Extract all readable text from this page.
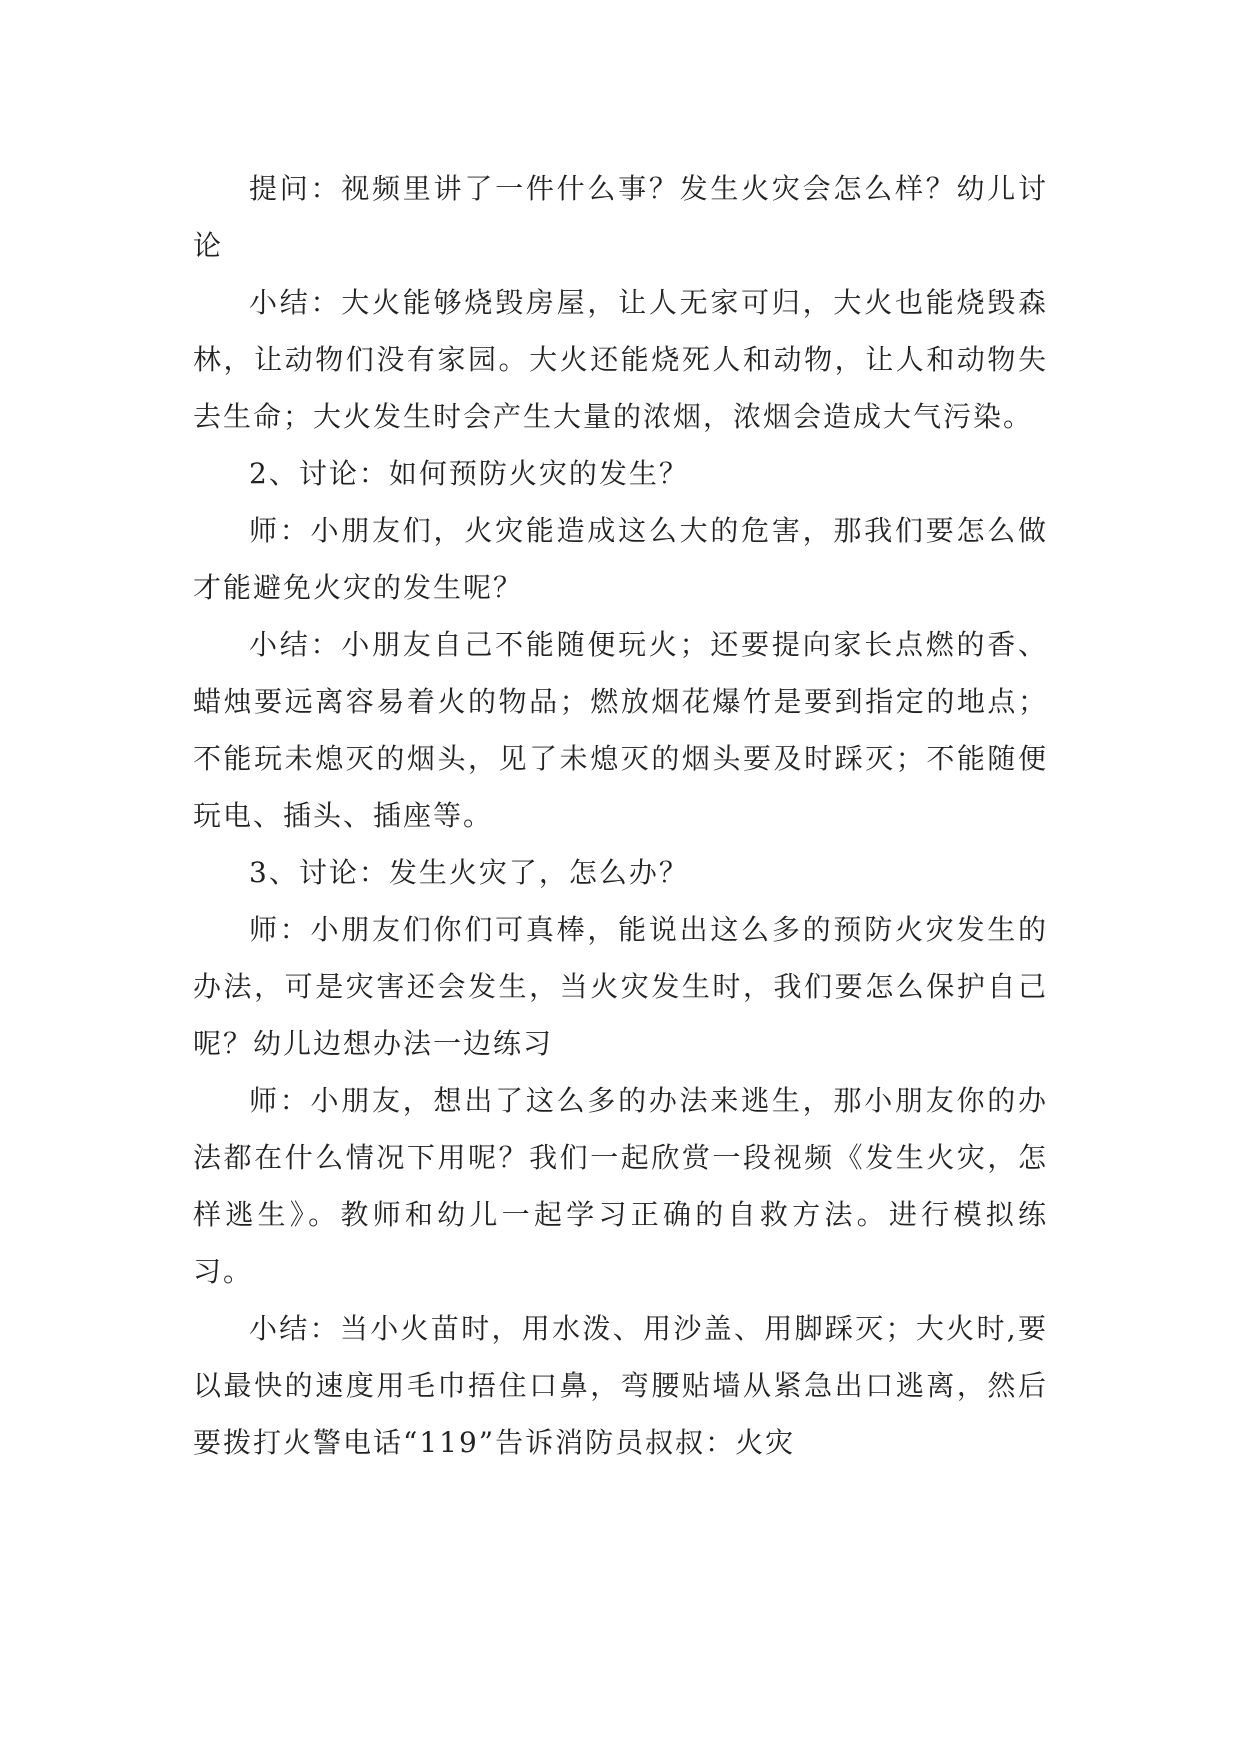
提问：视频里讲了一件什么事？发生火灾会怎么样？幼儿讨论

小结：大火能够烧毁房屋，让人无家可归，大火也能烧毁森林，让动物们没有家园。大火还能烧死人和动物，让人和动物失去生命；大火发生时会产生大量的浓烟，浓烟会造成大气污染。

2、讨论：如何预防火灾的发生？

师：小朋友们，火灾能造成这么大的危害，那我们要怎么做才能避免火灾的发生呢？

小结：小朋友自己不能随便玩火；还要提向家长点燃的香、蜡烛要远离容易着火的物品；燃放烟花爆竹是要到指定的地点；不能玩未熄灭的烟头，见了未熄灭的烟头要及时踩灭；不能随便玩电、插头、插座等。

3、讨论：发生火灾了，怎么办？

师：小朋友们你们可真棒，能说出这么多的预防火灾发生的办法，可是灾害还会发生，当火灾发生时，我们要怎么保护自己呢？幼儿边想办法一边练习

师：小朋友，想出了这么多的办法来逃生，那小朋友你的办法都在什么情况下用呢？我们一起欣赏一段视频《发生火灾，怎样逃生》。教师和幼儿一起学习正确的自救方法。进行模拟练习。

小结：当小火苗时，用水泼、用沙盖、用脚踩灭；大火时,要以最快的速度用毛巾捂住口鼻，弯腰贴墙从紧急出口逃离，然后要拨打火警电话“119”告诉消防员叔叔：火灾
